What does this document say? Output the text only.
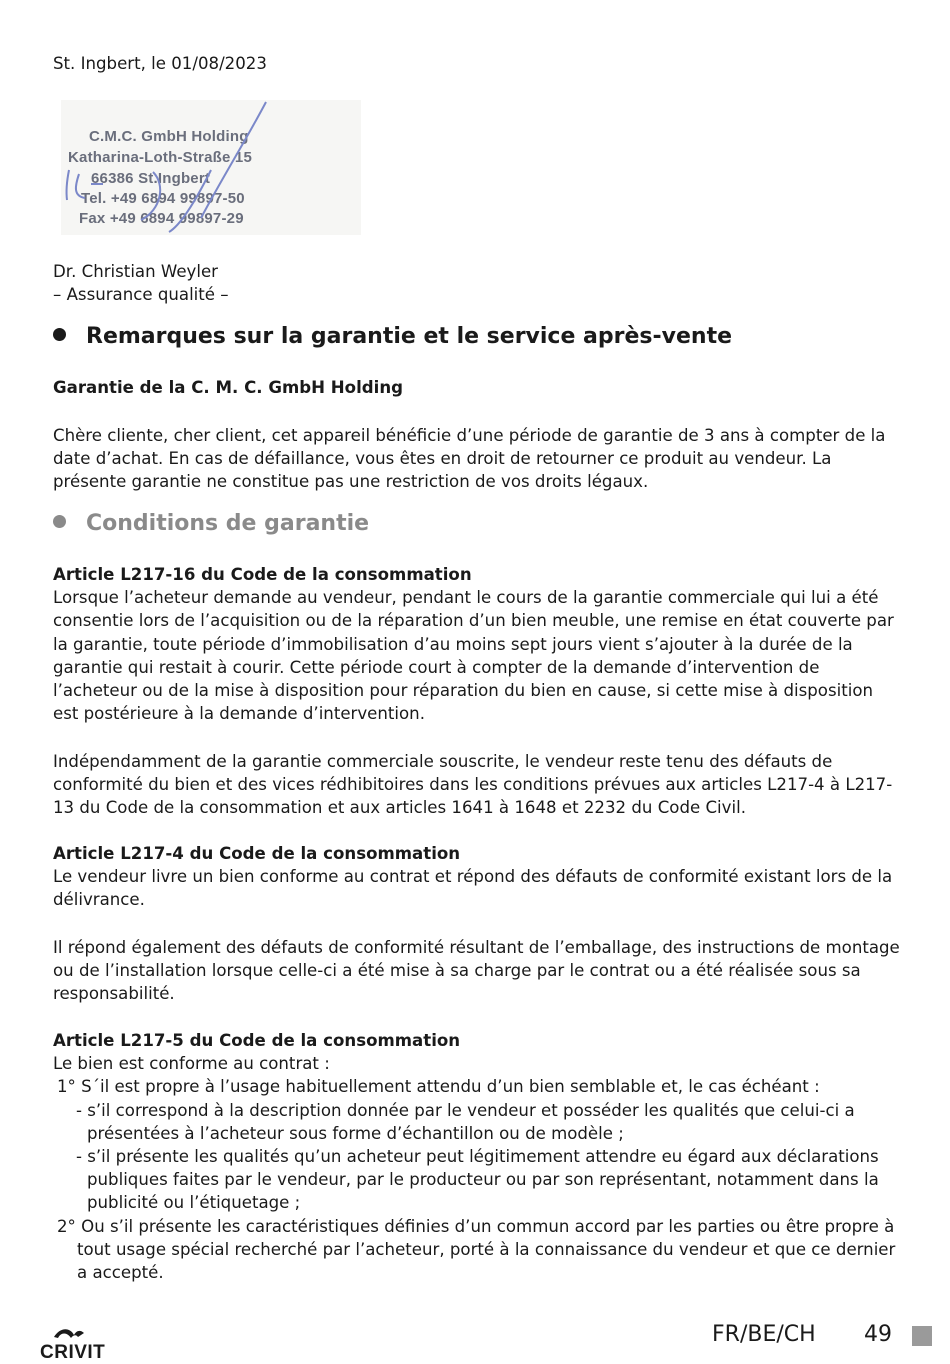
St. Ingbert, le 01/08/2023

C.M.C. GmbH Holding
Katharina-Loth-Straße 15
66386 St.Ingbert
Tel. +49 6894 99897-50
Fax +49 6894 99897-29

Dr. Christian Weyler

– Assurance qualité –

Remarques sur la garantie et le service après-vente

Garantie de la C. M. C. GmbH Holding

Chère cliente, cher client, cet appareil bénéficie d’une période de garantie de 3 ans à compter de la date d’achat. En cas de défaillance, vous êtes en droit de retourner ce produit au vendeur. La présente garantie ne constitue pas une restriction de vos droits légaux.

Conditions de garantie

Article L217-16 du Code de la consommation

Lorsque l’acheteur demande au vendeur, pendant le cours de la garantie commerciale qui lui a été consentie lors de l’acquisition ou de la réparation d’un bien meuble, une remise en état couverte par la garantie, toute période d’immobilisation d’au moins sept jours vient s’ajouter à la durée de la garantie qui restait à courir. Cette période court à compter de la demande d’intervention de l’acheteur ou de la mise à disposition pour réparation du bien en cause, si cette mise à disposition est postérieure à la demande d’intervention.

Indépendamment de la garantie commerciale souscrite, le vendeur reste tenu des défauts de conformité du bien et des vices rédhibitoires dans les conditions prévues aux articles L217-4 à L217-13 du Code de la consommation et aux articles 1641 à 1648 et 2232 du Code Civil.

Article L217-4 du Code de la consommation

Le vendeur livre un bien conforme au contrat et répond des défauts de conformité existant lors de la délivrance.

Il répond également des défauts de conformité résultant de l’emballage, des instructions de montage ou de l’installation lorsque celle-ci a été mise à sa charge par le contrat ou a été réalisée sous sa responsabilité.

Article L217-5 du Code de la consommation

Le bien est conforme au contrat :

1° S´il est propre à l’usage habituellement attendu d’un bien semblable et, le cas échéant :

- s’il correspond à la description donnée par le vendeur et posséder les qualités que celui-ci a présentées à l’acheteur sous forme d’échantillon ou de modèle ;

- s’il présente les qualités qu’un acheteur peut légitimement attendre eu égard aux déclarations publiques faites par le vendeur, par le producteur ou par son représentant, notamment dans la publicité ou l’étiquetage ;

2° Ou s’il présente les caractéristiques définies d’un commun accord par les parties ou être propre à tout usage spécial recherché par l’acheteur, porté à la connaissance du vendeur et que ce dernier a accepté.

CRIVIT
FR/BE/CH 49
